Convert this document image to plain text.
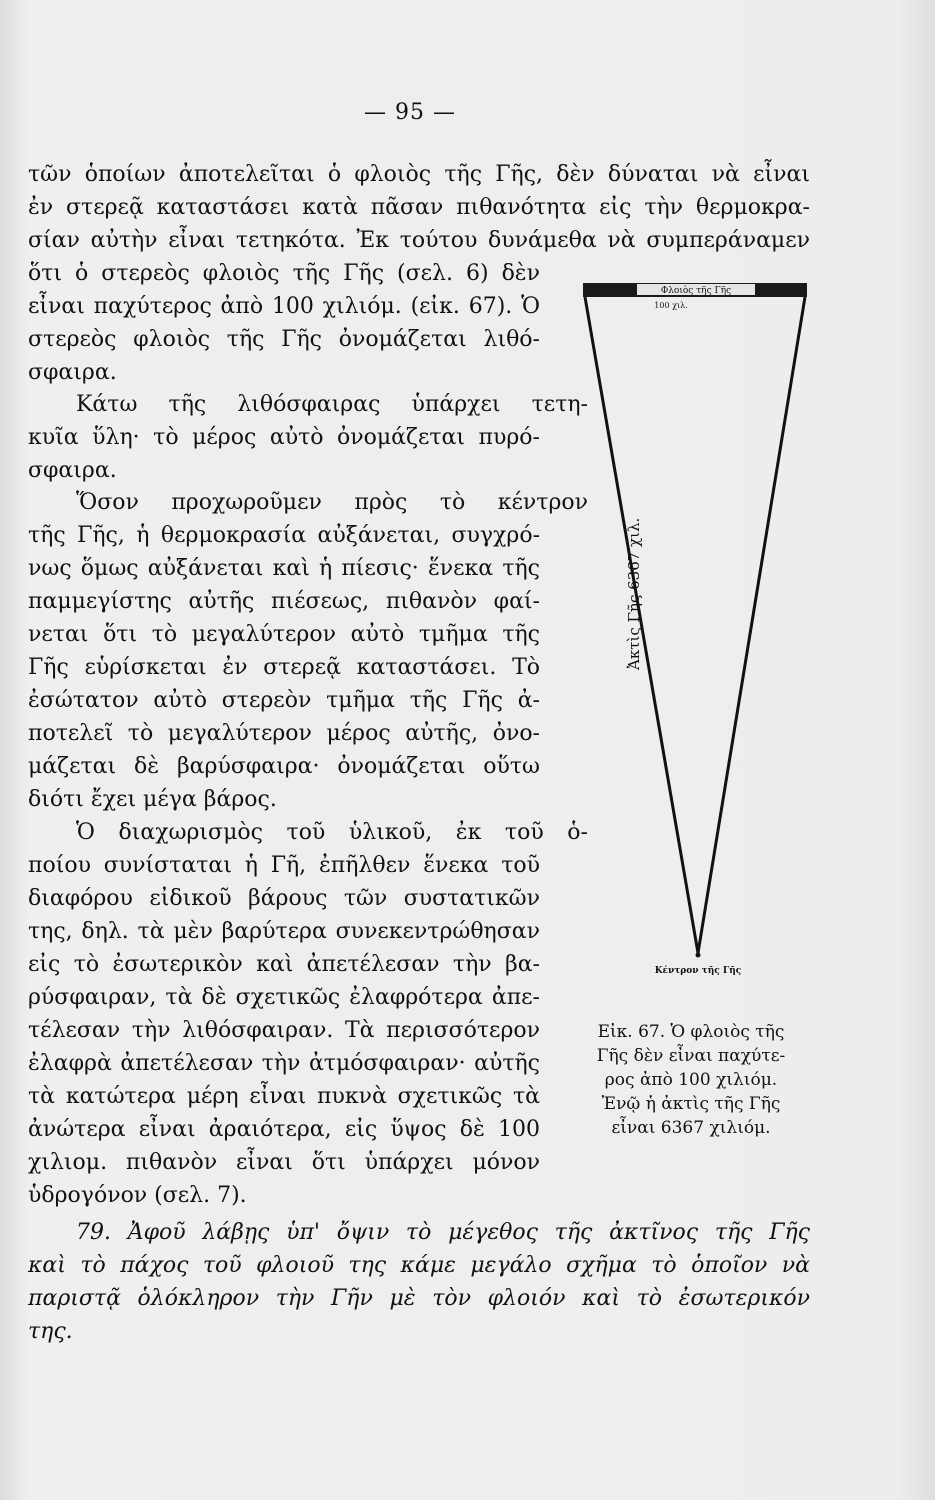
— 95 —
τῶν ὁποίων ἀποτελεῖται ὁ φλοιὸς τῆς Γῆς, δὲν δύναται νὰ εἶναι
ἐν στερεᾷ καταστάσει κατὰ πᾶσαν πιθανότητα εἰς τὴν θερμοκρα-
σίαν αὐτὴν εἶναι τετηκότα. Ἐκ τούτου δυνάμεθα νὰ συμπεράναμεν
ὅτι ὁ στερεὸς φλοιὸς τῆς Γῆς (σελ. 6) δὲν
εἶναι παχύτερος ἀπὸ 100 χιλιόμ. (εἰκ. 67). Ὁ
στερεὸς φλοιὸς τῆς Γῆς ὀνομάζεται λιθό-
σφαιρα.
Κάτω τῆς λιθόσφαιρας ὑπάρχει τετη-
κυῖα ὕλη· τὸ μέρος αὐτὸ ὀνομάζεται πυρό-
σφαιρα.
Ὅσον προχωροῦμεν πρὸς τὸ κέντρον
τῆς Γῆς, ἡ θερμοκρασία αὐξάνεται, συγχρό-
νως ὅμως αὐξάνεται καὶ ἡ πίεσις· ἕνεκα τῆς
παμμεγίστης αὐτῆς πιέσεως, πιθανὸν φαί-
νεται ὅτι τὸ μεγαλύτερον αὐτὸ τμῆμα τῆς
Γῆς εὑρίσκεται ἐν στερεᾷ καταστάσει. Τὸ
ἐσώτατον αὐτὸ στερεὸν τμῆμα τῆς Γῆς ἀ-
ποτελεῖ τὸ μεγαλύτερον μέρος αὐτῆς, ὀνο-
μάζεται δὲ βαρύσφαιρα· ὀνομάζεται οὕτω
διότι ἔχει μέγα βάρος.
Ὁ διαχωρισμὸς τοῦ ὑλικοῦ, ἐκ τοῦ ὁ-
ποίου συνίσταται ἡ Γῆ, ἐπῆλθεν ἕνεκα τοῦ
διαφόρου εἰδικοῦ βάρους τῶν συστατικῶν
της, δηλ. τὰ μὲν βαρύτερα συνεκεντρώθησαν
εἰς τὸ ἐσωτερικὸν καὶ ἀπετέλεσαν τὴν βα-
ρύσφαιραν, τὰ δὲ σχετικῶς ἐλαφρότερα ἀπε-
τέλεσαν τὴν λιθόσφαιραν. Τὰ περισσότερον
ἐλαφρὰ ἀπετέλεσαν τὴν ἀτμόσφαιραν· αὐτῆς
τὰ κατώτερα μέρη εἶναι πυκνὰ σχετικῶς τὰ
ἀνώτερα εἶναι ἀραιότερα, εἰς ὕψος δὲ 100
χιλιομ. πιθανὸν εἶναι ὅτι ὑπάρχει μόνον
ὑδρογόνον (σελ. 7).
79. Ἀφοῦ λάβῃς ὑπ' ὄψιν τὸ μέγεθος τῆς ἀκτῖνος τῆς Γῆς
καὶ τὸ πάχος τοῦ φλοιοῦ της κάμε μεγάλο σχῆμα τὸ ὁποῖον νὰ
παριστᾷ ὁλόκληρον τὴν Γῆν μὲ τὸν φλοιόν καὶ τὸ ἐσωτερικόν
της.
Φλοιὸς τῆς Γῆς
100 χιλ.
Ἀκτὶς Γῆς 6367 χιλ.
Κέντρον τῆς Γῆς
Εἰκ. 67. Ὁ φλοιὸς τῆς
Γῆς δὲν εἶναι παχύτε-
ρος ἀπὸ 100 χιλιόμ.
Ἐνῷ ἡ ἀκτὶς τῆς Γῆς
εἶναι 6367 χιλιόμ.
